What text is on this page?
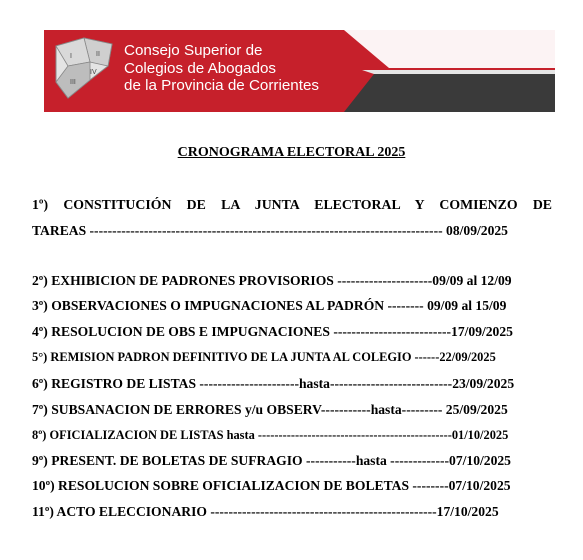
I	II
III
IV
Consejo Superior de
Colegios de Abogados
de la Provincia de Corrientes
CRONOGRAMA ELECTORAL 2025
1º) CONSTITUCIÓN DE LA JUNTA ELECTORAL Y COMIENZO DE
TAREAS ------------------------------------------------------------------------------ 08/09/2025
2º) EXHIBICION DE PADRONES PROVISORIOS ---------------------09/09 al 12/09
3º) OBSERVACIONES O IMPUGNACIONES AL PADRÓN -------- 09/09 al 15/09
4º) RESOLUCION DE OBS E IMPUGNACIONES --------------------------17/09/2025
5°) REMISION PADRON DEFINITIVO DE LA JUNTA AL COLEGIO ------22/09/2025
6º) REGISTRO DE LISTAS ----------------------hasta---------------------------23/09/2025
7º) SUBSANACION DE ERRORES y/u OBSERV-----------hasta--------- 25/09/2025
8º) OFICIALIZACION DE LISTAS hasta -----------------------------------------------01/10/2025
9º) PRESENT. DE BOLETAS DE SUFRAGIO -----------hasta -------------07/10/2025
10º) RESOLUCION SOBRE OFICIALIZACION DE BOLETAS --------07/10/2025
11º) ACTO ELECCIONARIO --------------------------------------------------17/10/2025
